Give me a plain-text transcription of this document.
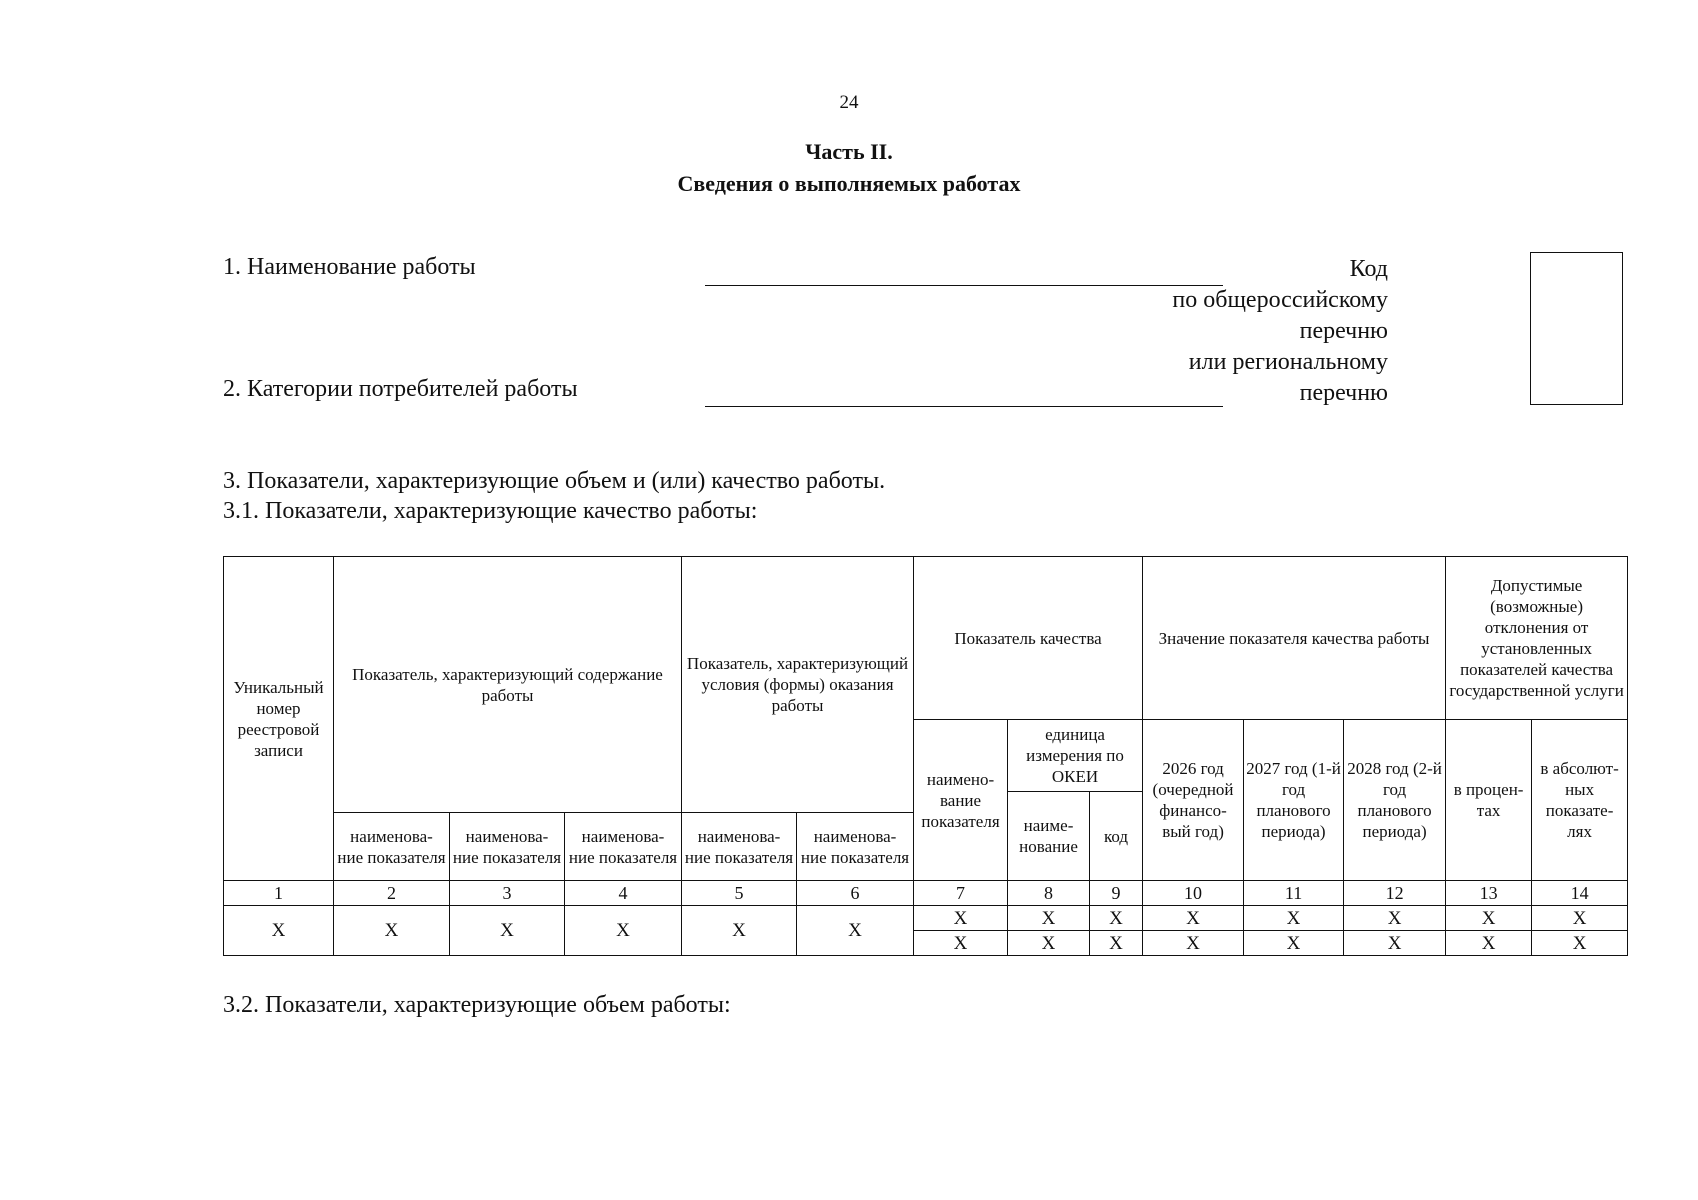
24
Часть II.
Сведения о выполняемых работах
1. Наименование работы
2. Категории потребителей работы
Код
по общероссийскому
перечню
или региональному
перечню
3. Показатели, характеризующие объем и (или) качество работы.
3.1. Показатели, характеризующие качество работы:
Уникальный номер реестровой записи	Показатель, характеризующий содержание работы			Показатель, характеризующий условия (формы) оказания работы		Показатель качества			Значение показателя качества работы			Допустимые (возможные) отклонения от установленных показателей качества государственной услуги	
						наимено- вание показателя	единица измерения по ОКЕИ		2026 год (очередной финансо- вый год)	2027 год (1-й год планового периода)	2028 год (2-й год планового периода)	в процен- тах	в абсолют- ных показате- лях
							наиме- нование	код					
	наименова- ние показателя	наименова- ние показателя	наименова- ние показателя	наименова- ние показателя	наименова- ние показателя								
1	2	3	4	5	6	7	8	9	10	11	12	13	14
Х	Х	Х	Х	Х	Х	Х	Х	Х	Х	Х	Х	Х	Х
						Х	Х	Х	Х	Х	Х	Х	Х
3.2. Показатели, характеризующие объем работы:
